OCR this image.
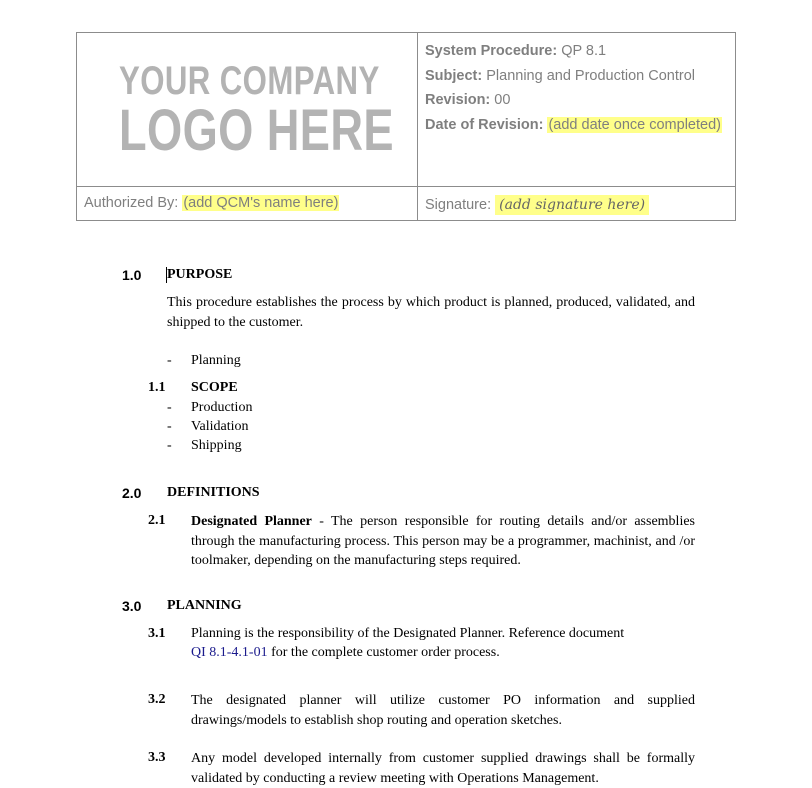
YOUR COMPANY
LOGO HERE
System Procedure: QP 8.1
Subject: Planning and Production Control
Revision: 00
Date of Revision: (add date once completed)
Authorized By: (add QCM's name here)	Signature: (add signature here)
1.0 PURPOSE
This procedure establishes the process by which product is planned, produced, validated, and shipped to the customer.
- Planning
1.1 SCOPE
- Production
- Validation
- Shipping
2.0 DEFINITIONS
2.1 Designated Planner - The person responsible for routing details and/or assemblies through the manufacturing process. This person may be a programmer, machinist, and /or toolmaker, depending on the manufacturing steps required.
3.0 PLANNING
3.1 Planning is the responsibility of the Designated Planner. Reference document
QI 8.1-4.1-01 for the complete customer order process.
3.2 The designated planner will utilize customer PO information and supplied drawings/models to establish shop routing and operation sketches.
3.3 Any model developed internally from customer supplied drawings shall be formally validated by conducting a review meeting with Operations Management.
